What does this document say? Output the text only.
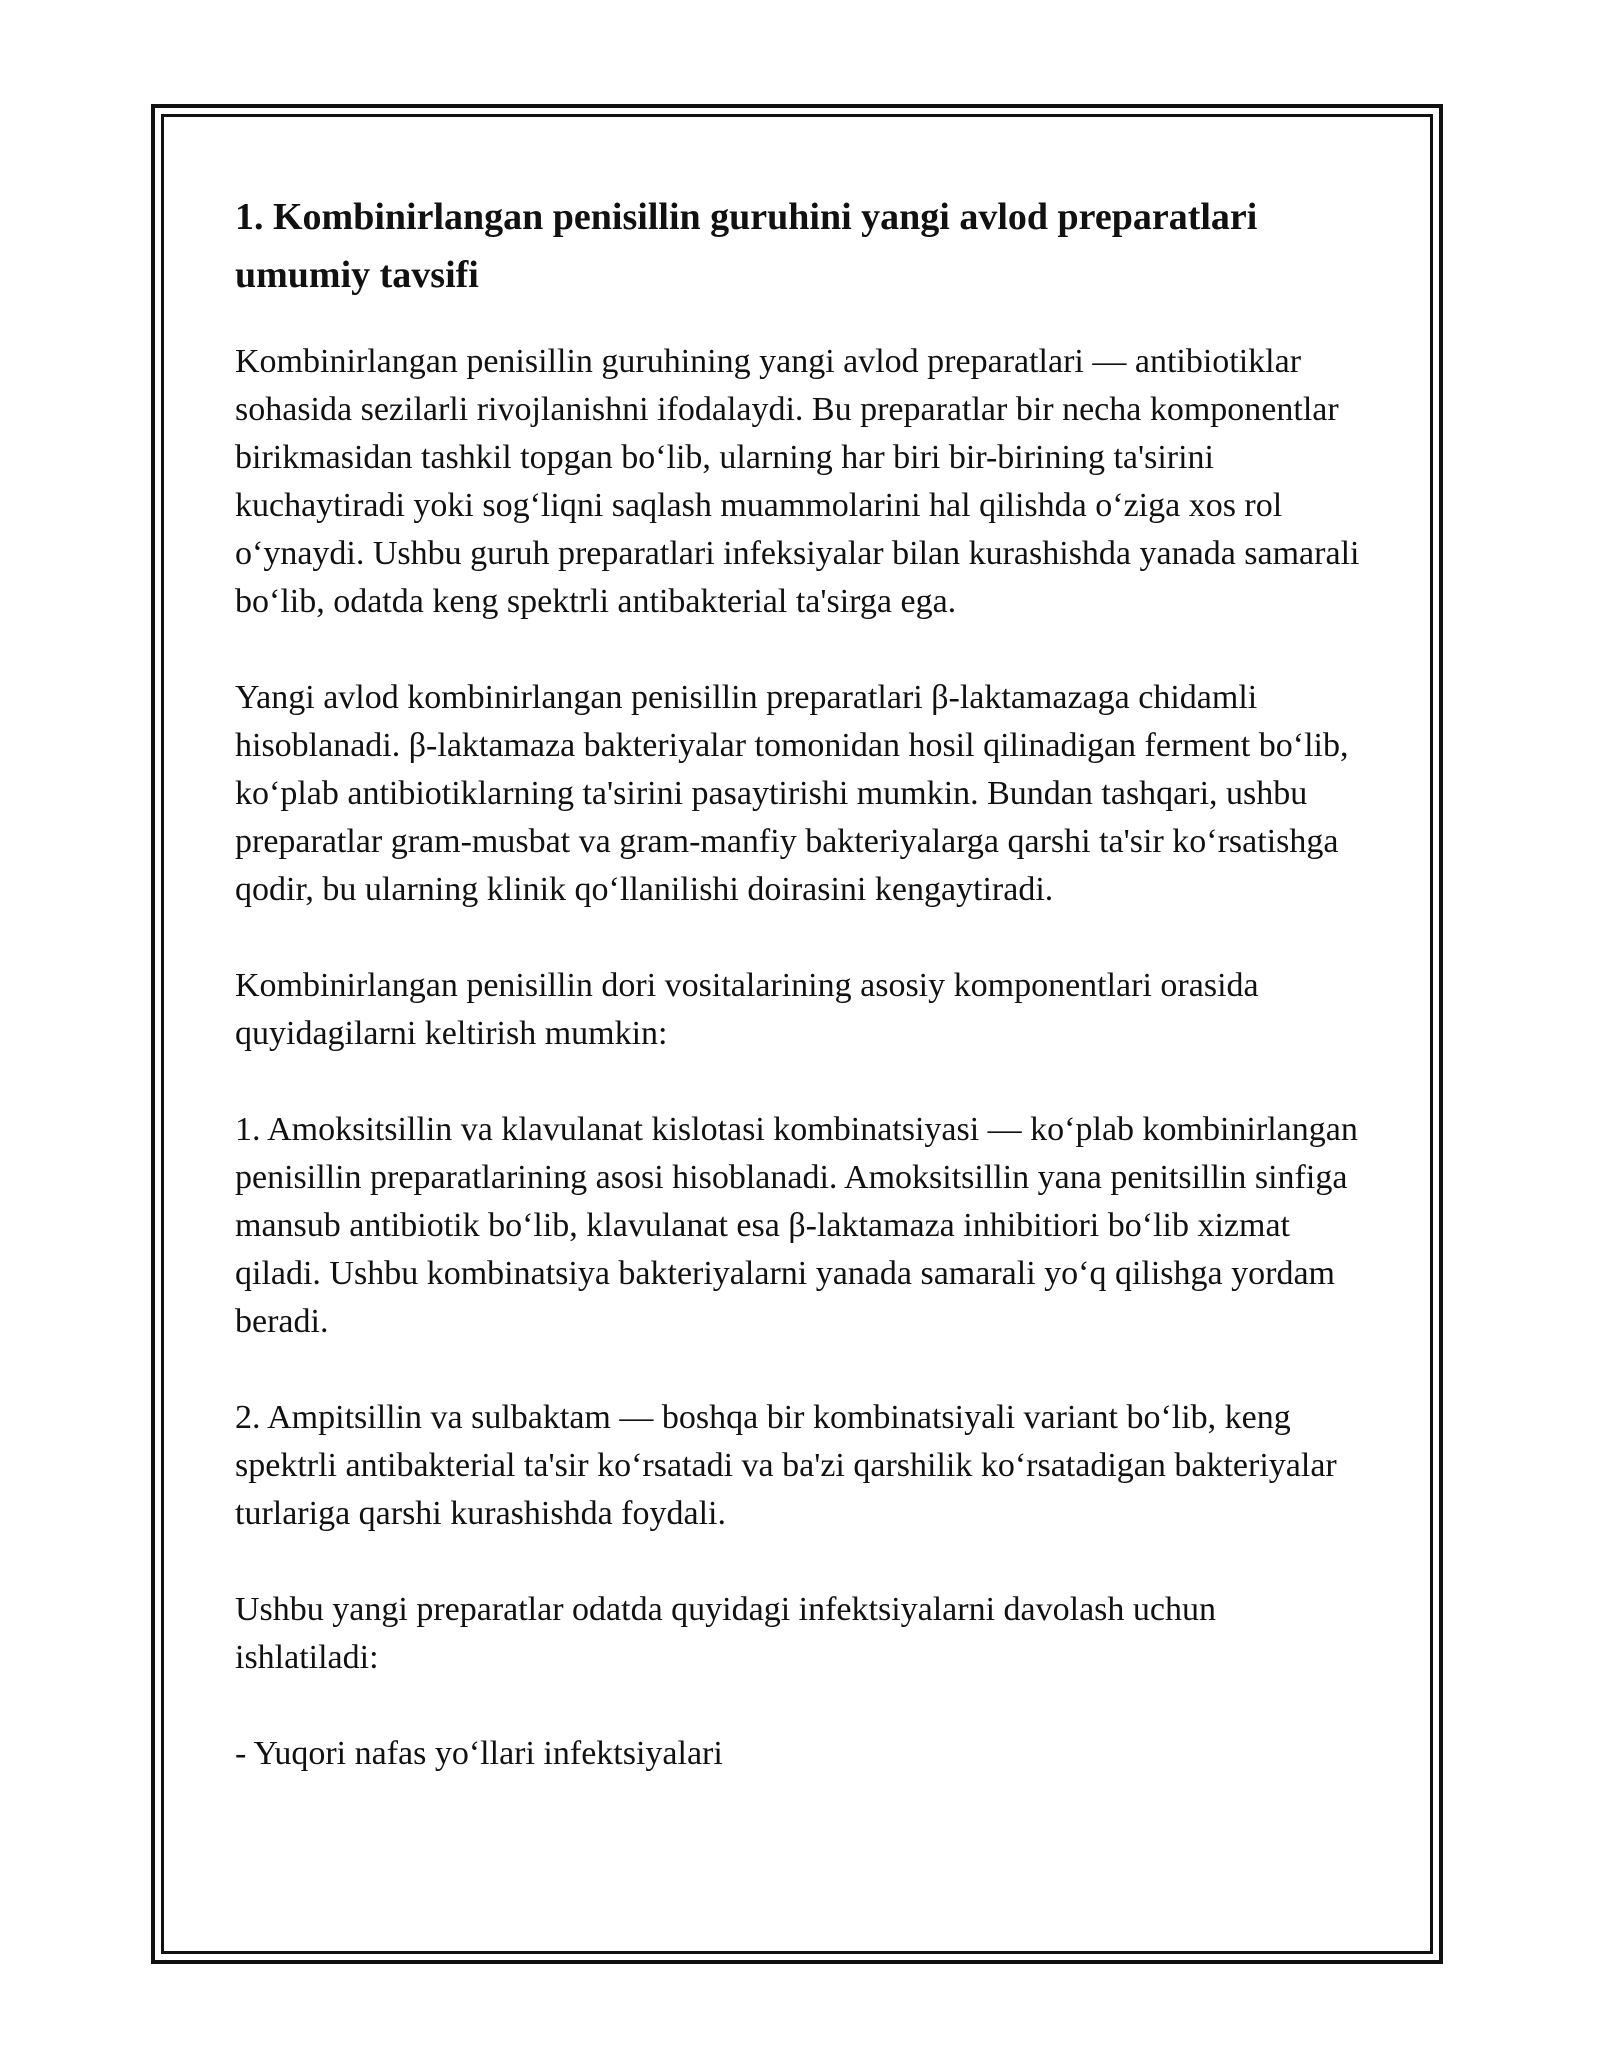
1. Kombinirlangan penisillin guruhini yangi avlod preparatlari umumiy tavsifi

Kombinirlangan penisillin guruhining yangi avlod preparatlari — antibiotiklar sohasida sezilarli rivojlanishni ifodalaydi. Bu preparatlar bir necha komponentlar birikmasidan tashkil topgan bo‘lib, ularning har biri bir-birining ta'sirini kuchaytiradi yoki sog‘liqni saqlash muammolarini hal qilishda o‘ziga xos rol o‘ynaydi. Ushbu guruh preparatlari infeksiyalar bilan kurashishda yanada samarali bo‘lib, odatda keng spektrli antibakterial ta'sirga ega.

Yangi avlod kombinirlangan penisillin preparatlari β-laktamazaga chidamli hisoblanadi. β-laktamaza bakteriyalar tomonidan hosil qilinadigan ferment bo‘lib, ko‘plab antibiotiklarning ta'sirini pasaytirishi mumkin. Bundan tashqari, ushbu preparatlar gram-musbat va gram-manfiy bakteriyalarga qarshi ta'sir ko‘rsatishga qodir, bu ularning klinik qo‘llanilishi doirasini kengaytiradi.

Kombinirlangan penisillin dori vositalarining asosiy komponentlari orasida quyidagilarni keltirish mumkin:

1. Amoksitsillin va klavulanat kislotasi kombinatsiyasi — ko‘plab kombinirlangan penisillin preparatlarining asosi hisoblanadi. Amoksitsillin yana penitsillin sinfiga mansub antibiotik bo‘lib, klavulanat esa β-laktamaza inhibitiori bo‘lib xizmat qiladi. Ushbu kombinatsiya bakteriyalarni yanada samarali yo‘q qilishga yordam beradi.

2. Ampitsillin va sulbaktam — boshqa bir kombinatsiyali variant bo‘lib, keng spektrli antibakterial ta'sir ko‘rsatadi va ba'zi qarshilik ko‘rsatadigan bakteriyalar turlariga qarshi kurashishda foydali.

Ushbu yangi preparatlar odatda quyidagi infektsiyalarni davolash uchun ishlatiladi:

- Yuqori nafas yo‘llari infektsiyalari
